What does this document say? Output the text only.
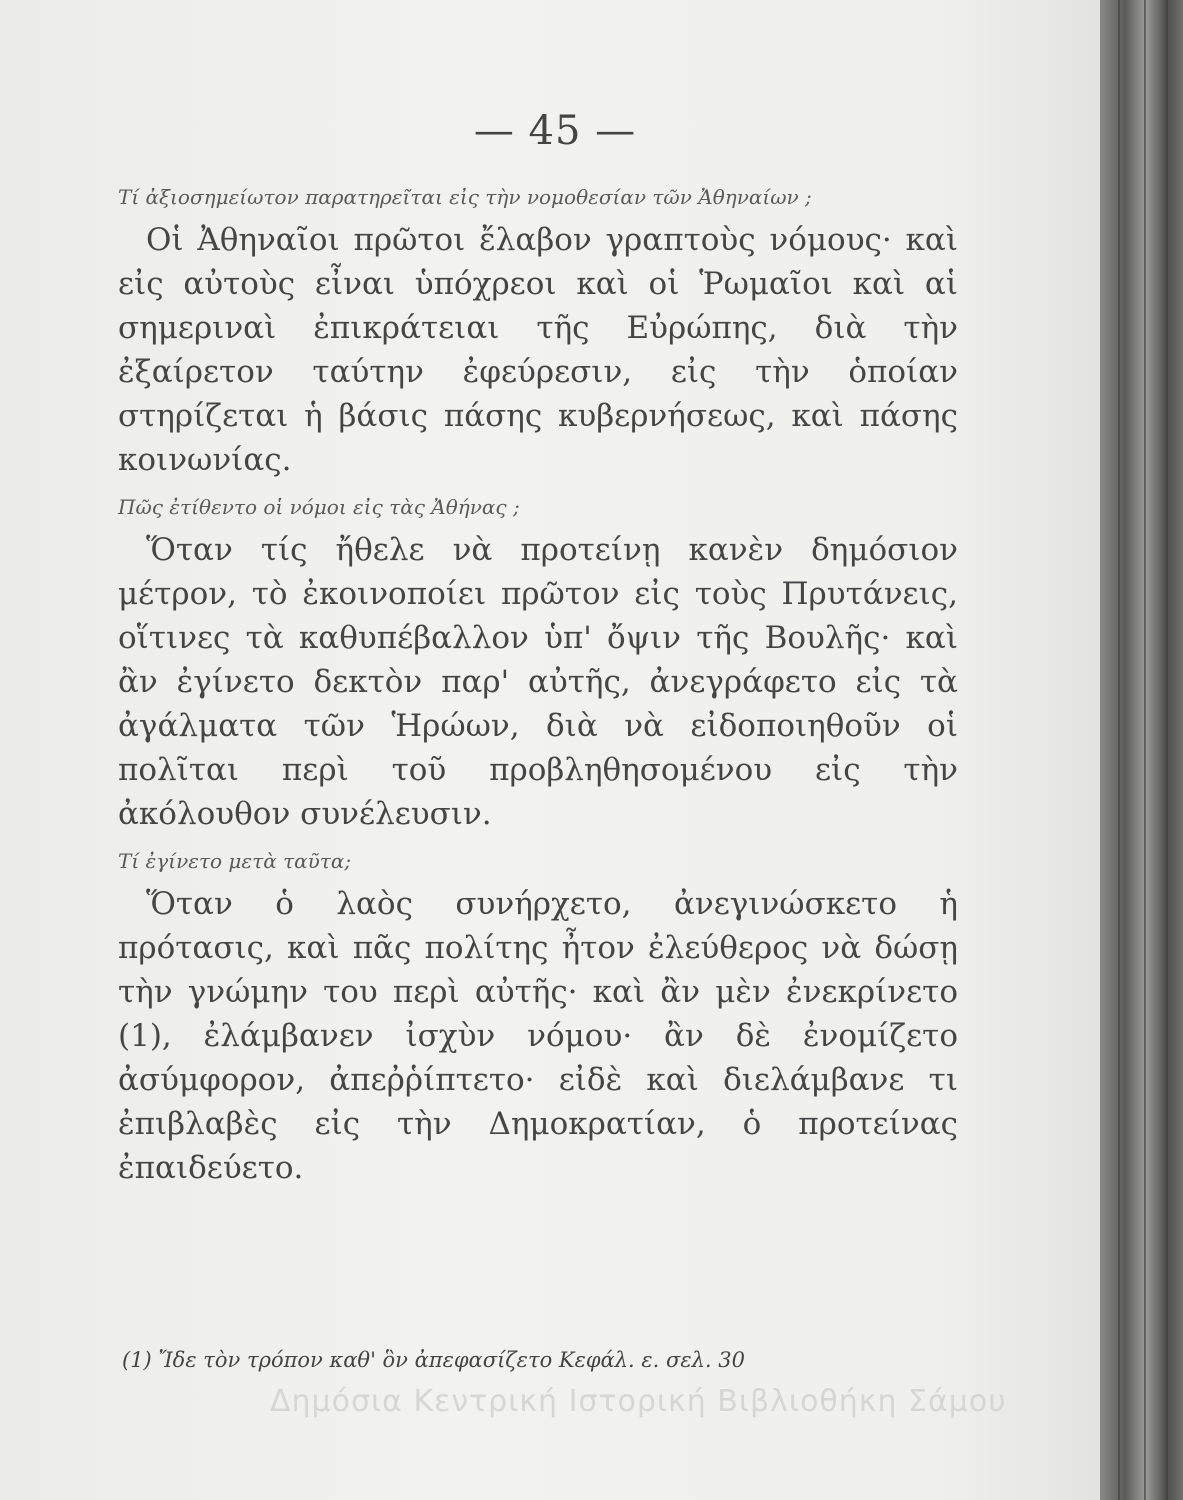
— 45 —

Τί ἀξιοσημείωτον παρατηρεῖται εἰς τὴν νομοθεσίαν τῶν Ἀθηναίων ;

Οἱ Ἀθηναῖοι πρῶτοι ἔλαβον γραπτοὺς νόμους· καὶ εἰς αὐτοὺς εἶναι ὑπόχρεοι καὶ οἱ Ῥωμαῖοι καὶ αἱ σημεριναὶ ἐπικράτειαι τῆς Εὐρώπης, διὰ τὴν ἐξαίρετον ταύτην ἐφεύρεσιν, εἰς τὴν ὁποίαν στηρίζεται ἡ βάσις πάσης κυβερνήσεως, καὶ πάσης κοινωνίας.

Πῶς ἐτίθεντο οἱ νόμοι εἰς τὰς Ἀθήνας ;

Ὅταν τίς ἤθελε νὰ προτείνῃ κανὲν δημόσιον μέτρον, τὸ ἐκοινοποίει πρῶτον εἰς τοὺς Πρυτάνεις, οἵτινες τὰ καθυπέβαλλον ὑπ' ὄψιν τῆς Βουλῆς· καὶ ἂν ἐγίνετο δεκτὸν παρ' αὐτῆς, ἀνεγράφετο εἰς τὰ ἀγάλματα τῶν Ἡρώων, διὰ νὰ εἰδοποιηθοῦν οἱ πολῖται περὶ τοῦ προβληθησομένου εἰς τὴν ἀκόλουθον συνέλευσιν.

Τί ἐγίνετο μετὰ ταῦτα;

Ὅταν ὁ λαὸς συνήρχετο, ἀνεγινώσκετο ἡ πρότασις, καὶ πᾶς πολίτης ἦτον ἐλεύθερος νὰ δώσῃ τὴν γνώμην του περὶ αὐτῆς· καὶ ἂν μὲν ἐνεκρίνετο (1), ἐλάμβανεν ἰσχὺν νόμου· ἂν δὲ ἐνομίζετο ἀσύμφορον, ἀπεῤῥίπτετο· εἰδὲ καὶ διελάμβανε τι ἐπιβλαβὲς εἰς τὴν Δημοκρατίαν, ὁ προτείνας ἐπαιδεύετο.

(1) Ἴδε τὸν τρόπον καθ' ὃν ἀπεφασίζετο Κεφάλ. ε. σελ. 30
Δημόσια Κεντρική Ιστορική Βιβλιοθήκη Σάμου
